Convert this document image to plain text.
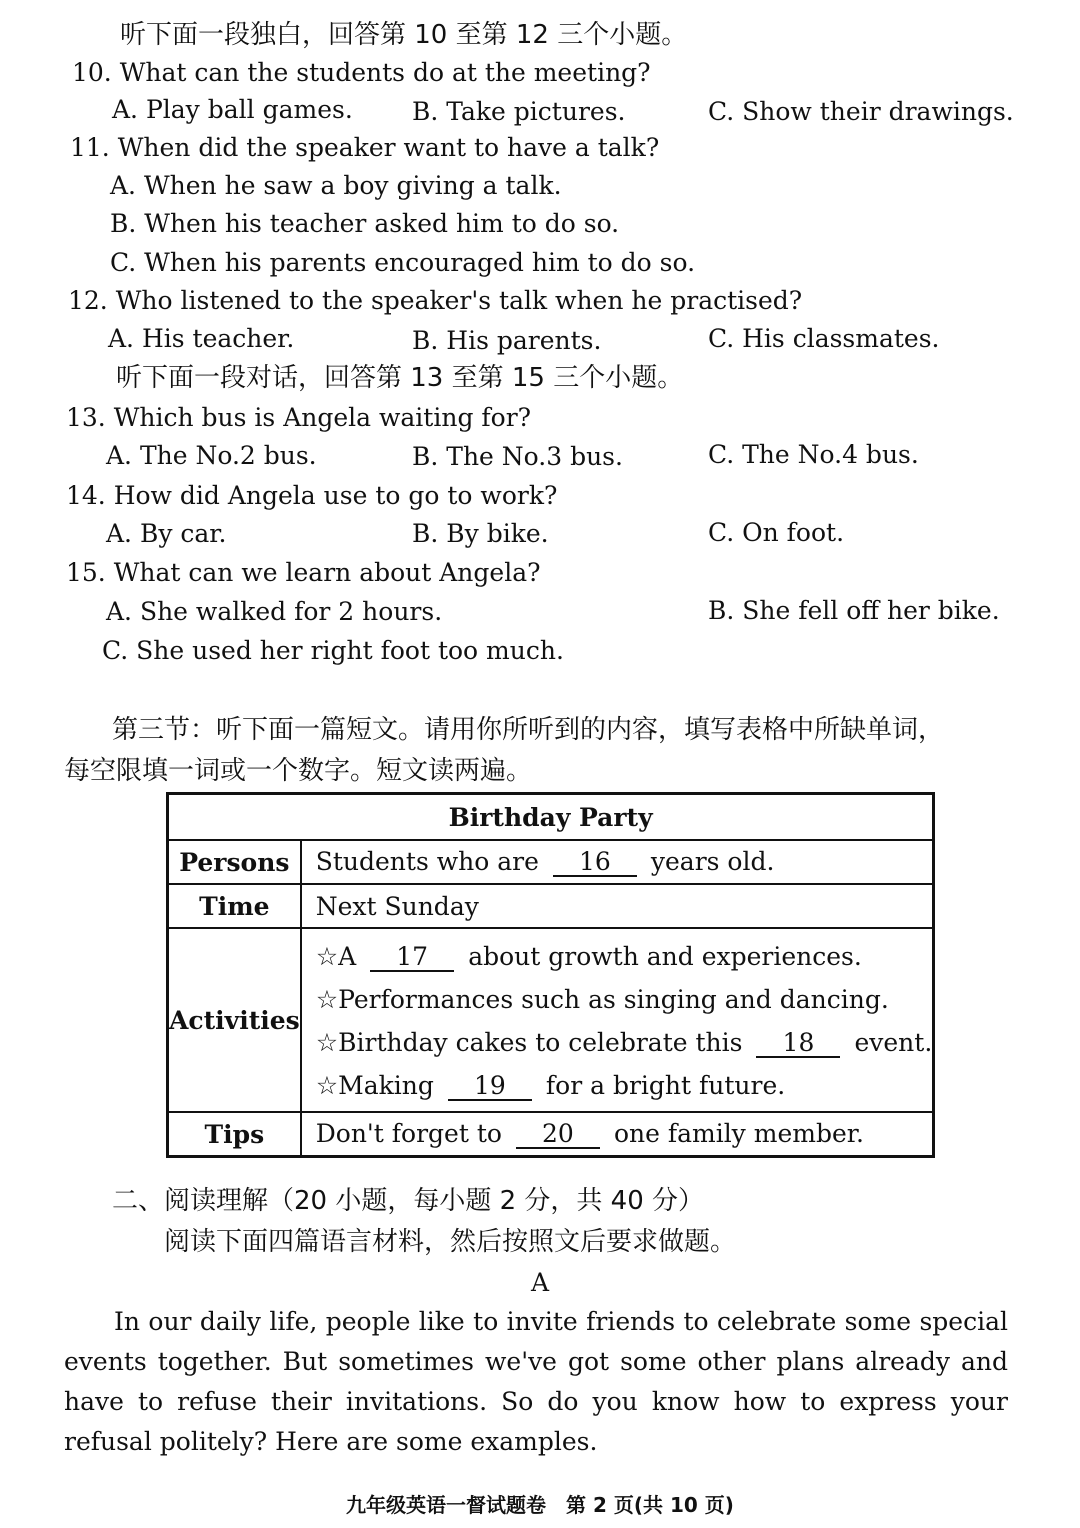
听下面一段独白，回答第 10 至第 12 三个小题。
10. What can the students do at the meeting?
A. Play ball games. B. Take pictures.	C. Show their drawings.
11. When did the speaker want to have a talk?
A. When he saw a boy giving a talk.
B. When his teacher asked him to do so.
C. When his parents encouraged him to do so.
12. Who listened to the speaker's talk when he practised?
A. His teacher.	B. His parents.	C. His classmates.
听下面一段对话，回答第 13 至第 15 三个小题。
13. Which bus is Angela waiting for?
A. The No.2 bus.	B. The No.3 bus.	C. The No.4 bus.
14. How did Angela use to go to work?
A. By car.	B. By bike.	C. On foot.
15. What can we learn about Angela?
A. She walked for 2 hours.	B. She fell off her bike.
C. She used her right foot too much.
第三节：听下面一篇短文。请用你所听到的内容，填写表格中所缺单词，
每空限填一词或一个数字。短文读两遍。
Birthday Party	
Persons	Students who are 16 years old.
Time	Next Sunday
Activities	☆A 17 about growth and experiences.
☆Performances such as singing and dancing.
☆Birthday cakes to celebrate this 18 event.
☆Making 19 for a bright future.

Tips	Don't forget to 20 one family member.
二、阅读理解（20 小题，每小题 2 分，共 40 分）
阅读下面四篇语言材料，然后按照文后要求做题。
A
In our daily life, people like to invite friends to celebrate some special events together. But sometimes we've got some other plans already and have to refuse their invitations. So do you know how to express your refusal politely? Here are some examples.
九年级英语一督试题卷　第 2 页(共 10 页)
